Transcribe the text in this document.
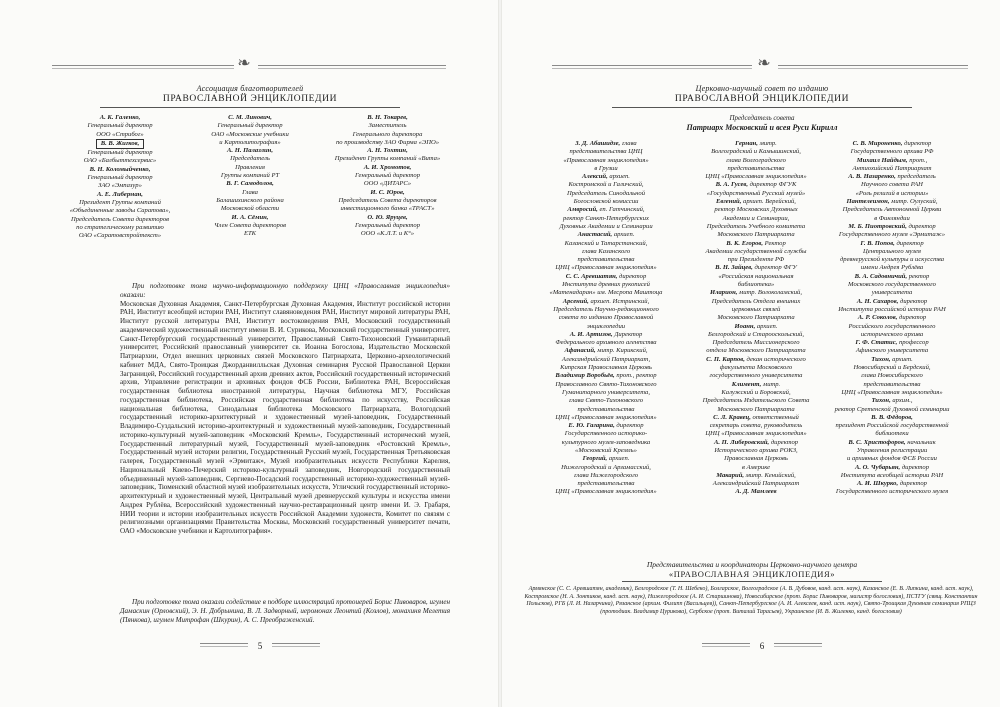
❧
Ассоциация благотворителей
ПРАВОСЛАВНОЙ ЭНЦИКЛОПЕДИИ
А. К. Галенко,
Генеральный директор
ООО «Стрибог»
В. В. Жигков,
Генеральный директор
ОАО «Балбыттехсервис»
В. Н. Коломыйченко,
Генеральный директор
ЗАО «Эмпазур»
А. Е. Либерман,
Президент Группы компаний
«Объединенные заводы Саратова»,
Председатель Совета директоров
по стратегическому развитию
ОАО «Саратовстройтекст»
С. М. Линович,
Генеральный директор
ОАО «Московские учебники
и Картолитография»
А. Н. Палазлин,
Председатель
Правления
Группы компаний РТ
В. Г. Самодолов,
Глава
Балашихинского района
Московской области
И. А. Сёмин,
Член Совета директоров
ЕТК
В. Н. Токарев,
Заместитель
Генерального директора
по производству ЗАО Фирма «ЭПО»
А. Н. Тохтин,
Президент Группы компаний «Вита»
А. И. Хромотов,
Генеральный директор
ООО «ДИТАРС»
И. С. Юров,
Председатель Совета директоров
инвестиционного банка «ТРАСТ»
О. Ю. Яруцев,
Генеральный директор
ООО «К.Л.Т. и К°»
При подготовке тома научно-информационную поддержку ЦНЦ «Православная энциклопедия» оказали:
Московская Духовная Академия, Санкт-Петербургская Духовная Академия, Институт российской истории РАН, Институт всеобщей истории РАН, Институт славяноведения РАН, Институт мировой литературы РАН, Институт русской литературы РАН, Институт востоковедения РАН, Московский государственный академический художественный институт имени В. И. Сурикова, Московский государственный университет, Санкт-Петербургский государственный университет, Православный Свято-Тихоновский Гуманитарный университет, Российский православный университет св. Иоанна Богослова, Издательство Московской Патриархии, Отдел внешних церковных связей Московского Патриархата, Церковно-археологический кабинет МДА, Свято-Троицкая Джорданвилльская Духовная семинария Русской Православной Церкви Заграницей, Российский государственный архив древних актов, Российский государственный исторический архив, Управление регистрации и архивных фондов ФСБ России, Библиотека РАН, Всероссийская государственная библиотека иностранной литературы, Научная библиотека МГУ, Российская государственная библиотека, Российская государственная библиотека по искусству, Российская национальная библиотека, Синодальная библиотека Московского Патриархата, Вологодский государственный историко-архитектурный и художественный музей-заповедник, Государственный Владимиро-Суздальский историко-архитектурный и художественный музей-заповедник, Государственный историко-культурный музей-заповедник «Московский Кремль», Государственный исторический музей, Государственный литературный музей, Государственный музей-заповедник «Ростовский Кремль», Государственный музей истории религии, Государственный Русский музей, Государственная Третьяковская галерея, Государственный музей «Эрмитаж», Музей изобразительных искусств Республики Карелия, Национальный Киево-Печерский историко-культурный заповедник, Новгородский государственный объединенный музей-заповедник, Сергиево-Посадский государственный историко-художественный музей-заповедник, Тюменский областной музей изобразительных искусств, Угличский государственный историко-архитектурный и художественный музей, Центральный музей древнерусской культуры и искусства имени Андрея Рублёва, Всероссийский художественный научно-реставрационный центр имени И. Э. Грабаря, НИИ теории и истории изобразительных искусств Российской Академии художеств, Комитет по связям с религиозными организациями Правительства Москвы, Московский государственный университет печати, ОАО «Московские учебники и Картолитография».
При подготовке тома оказали содействие в подборе иллюстраций протоиерей Борис Пивоваров, игумен Дамаскин (Орловский), Э. Н. Добрынина, В. Л. Задворный, иеромонах Леонтий (Козлов), монахиня Мелетия (Пянкова), игумен Митрофан (Шкурин), А. С. Преображенский.
5
❧
Церковно-научный совет по изданию
ПРАВОСЛАВНОЙ ЭНЦИКЛОПЕДИИ
Председатель совета
Патриарх Московский и всея Руси Кирилл
З. Д. Абашидзе, глава
представительства ЦНЦ
«Православная энциклопедия»
в Грузии
Алексий, архиеп.
Костромской и Галичский,
Председатель Синодальной
Богословской комиссии
Амвросий, еп. Гатчинский,
ректор Санкт-Петербургских
Духовных Академии и Семинарии
Анастасий, архиеп.
Казанский и Татарстанский,
глава Казанского
представительства
ЦНЦ «Православная энциклопедия»
С. С. Аревшатян, директор
Института древних рукописей
«Матенадаран» им. Месропа Маштоца
Арсений, архиеп. Истринский,
Председатель Научно-редакционного
совета по изданию Православной
энциклопедии
А. И. Артизов, Директор
Федерального архивного агентства
Афанасий, митр. Кирикский,
Александрийский Патриархат,
Кипрская Православная Церковь
Владимир Воробьёв, прот., ректор
Православного Свято-Тихоновского
Гуманитарного университета,
глава Свято-Тихоновского
представительства
ЦНЦ «Православная энциклопедия»
Е. Ю. Гагарина, директор
Государственного историко-
культурного музея-заповедника
«Московский Кремль»
Георгий, архиеп.
Нижегородский и Арзамасский,
глава Нижегородского
представительства
ЦНЦ «Православная энциклопедия»
Герман, митр.
Волгоградский и Камышинский,
глава Волгоградского
представительства
ЦНЦ «Православная энциклопедия»
В. А. Гусев, директор ФГУК
«Государственный Русский музей»
Евгений, архиеп. Верейский,
ректор Московских Духовных
Академии и Семинарии,
Председатель Учебного комитета
Московского Патриархата
В. К. Егоров, Ректор
Академии государственной службы
при Президенте РФ
В. Н. Зайцев, директор ФГУ
«Российская национальная
библиотека»
Иларион, митр. Волоколамский,
Председатель Отдела внешних
церковных связей
Московского Патриархата
Иоанн, архиеп.
Белгородский и Старооскольский,
Председатель Миссионерского
отдела Московского Патриархата
С. П. Карпов, декан исторического
факультета Московского
государственного университета
Климент, митр.
Калужский и Боровский,
Председатель Издательского Совета
Московского Патриархата
С. Л. Кравец, ответственный
секретарь совета, руководитель
ЦНЦ «Православная энциклопедия»
А. П. Либеровский, директор
Исторического архива РОКЗ,
Православная Церковь
в Америке
Макарий, митр. Кенийский,
Александрийский Патриархат
А. Д. Мамлеев
С. В. Мироненко, директор
Государственного архива РФ
Михаил Найдым, прот.,
Антиохийский Патриархат
А. В. Назаренко, председатель
Научного совета РАН
«Роль религий в истории»
Пантелеимон, митр. Оулуский,
Председатель Автономной Церкви
в Финляндии
М. Б. Пиотровский, директор
Государственного музея «Эрмитаж»
Г. В. Попов, директор
Центрального музея
древнерусской культуры и искусства
имени Андрея Рублёва
В. А. Садовничий, ректор
Московского государственного
университета
А. Н. Сахаров, директор
Института российской истории РАН
А. Р. Соколов, директор
Российского государственного
исторического архива
Г. Ф. Статис, профессор
Афинского университета
Тихон, архиеп.
Новосибирский и Бердский,
глава Новосибирского
представительства
ЦНЦ «Православная энциклопедия»
Тихон, архим.,
ректор Сретенской Духовной семинарии
В. В. Фёдоров,
президент Российской государственной
библиотеки
В. С. Христофоров, начальник
Управления регистрации
и архивных фондов ФСБ России
А. О. Чубарьян, директор
Института всеобщей истории РАН
А. И. Шкурко, директор
Государственного исторического музея
Представительства и координаторы Церковно-научного центра
«ПРАВОСЛАВНАЯ ЭНЦИКЛОПЕДИЯ»
Армянское (С. С. Аревшатян, академик), Белгородское (Т. Н. Шебеко), Болгарское, Волгоградское (А. В. Дубовов, канд. ист. наук), Казанское (Е. В. Липкина, канд. ист. наук), Костромское (Н. А. Зонтиков, канд. ист. наук), Нижегородское (А. И. Старшинова), Новосибирское (прот. Борис Пивоваров, магистр богословия), ПСТГУ (свящ. Константин Польсков), РГБ (Л. И. Назарчина), Рязанское (архим. Филипп (Васильцев)), Санкт-Петербургское (А. И. Алексеев, канд. ист. наук), Свято-Троицкая Духовная семинария РПЦЗ (протодиак. Владимир Цурикова), Сербское (прот. Виталий Тарасьев), Украинское (И. В. Жиленко, канд. богословия)
6
